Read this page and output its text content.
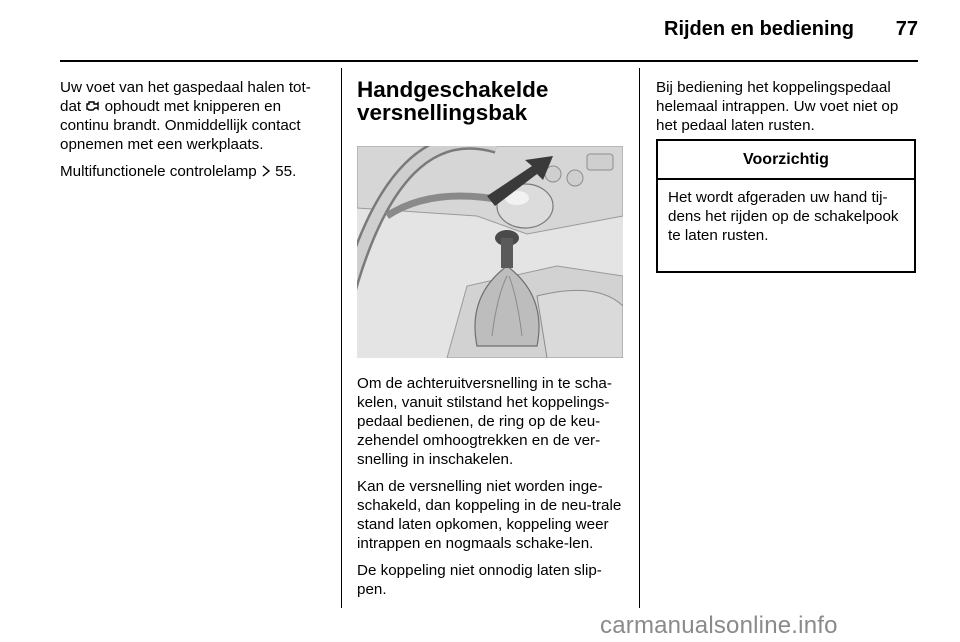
Rijden en bediening	77

Uw voet van het gaspedaal halen tot-dat ophoudt met knipperen en continu brandt. Onmiddellijk contact opnemen met een werkplaats.

Multifunctionele controlelamp 55.

Handgeschakelde
versnellingsbak

Om de achteruitversnelling in te scha-kelen, vanuit stilstand het koppelings-pedaal bedienen, de ring op de keu-zehendel omhoogtrekken en de ver-snelling in inschakelen.

Kan de versnelling niet worden inge-schakeld, dan koppeling in de neu-trale stand laten opkomen, koppeling weer intrappen en nogmaals schake-len.

De koppeling niet onnodig laten slip-pen.

Bij bediening het koppelingspedaal helemaal intrappen. Uw voet niet op het pedaal laten rusten.

Voorzichtig
Het wordt afgeraden uw hand tij-dens het rijden op de schakelpook te laten rusten.
carmanualsonline.info
